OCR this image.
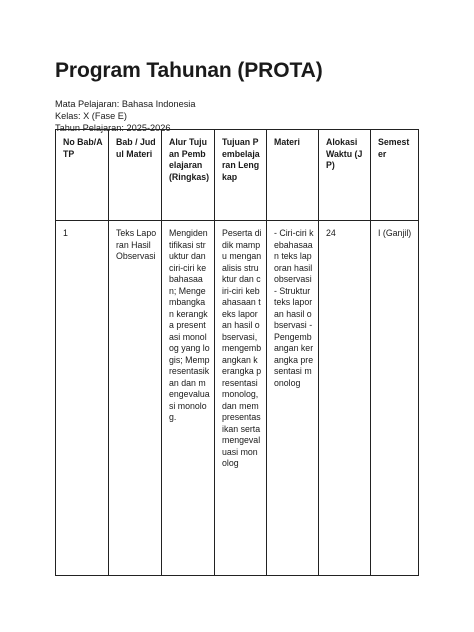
Program Tahunan (PROTA)
Mata Pelajaran: Bahasa Indonesia
Kelas: X (Fase E)
Tahun Pelajaran: 2025-2026
No Bab/ATP	Bab / Judul Materi	Alur Tujuan Pembelajaran (Ringkas)	Tujuan Pembelajaran Lengkap	Materi	Alokasi Waktu (JP)	Semester
1	Teks Laporan Hasil Observasi	Mengidentifikasi struktur dan ciri-ciri kebahasaan; Mengembangkan kerangka presentasi monolog yang logis; Mempresentasikan dan mengevaluasi monolog.	Peserta didik mampu menganalisis struktur dan ciri-ciri kebahasaan teks laporan hasil observasi, mengembangkan kerangka presentasi monolog, dan mempresentasikan serta mengevaluasi monolog	- Ciri-ciri kebahasaan teks laporan hasil observasi - Struktur teks laporan hasil observasi - Pengembangan kerangka presentasi monolog	24	I (Ganjil)
